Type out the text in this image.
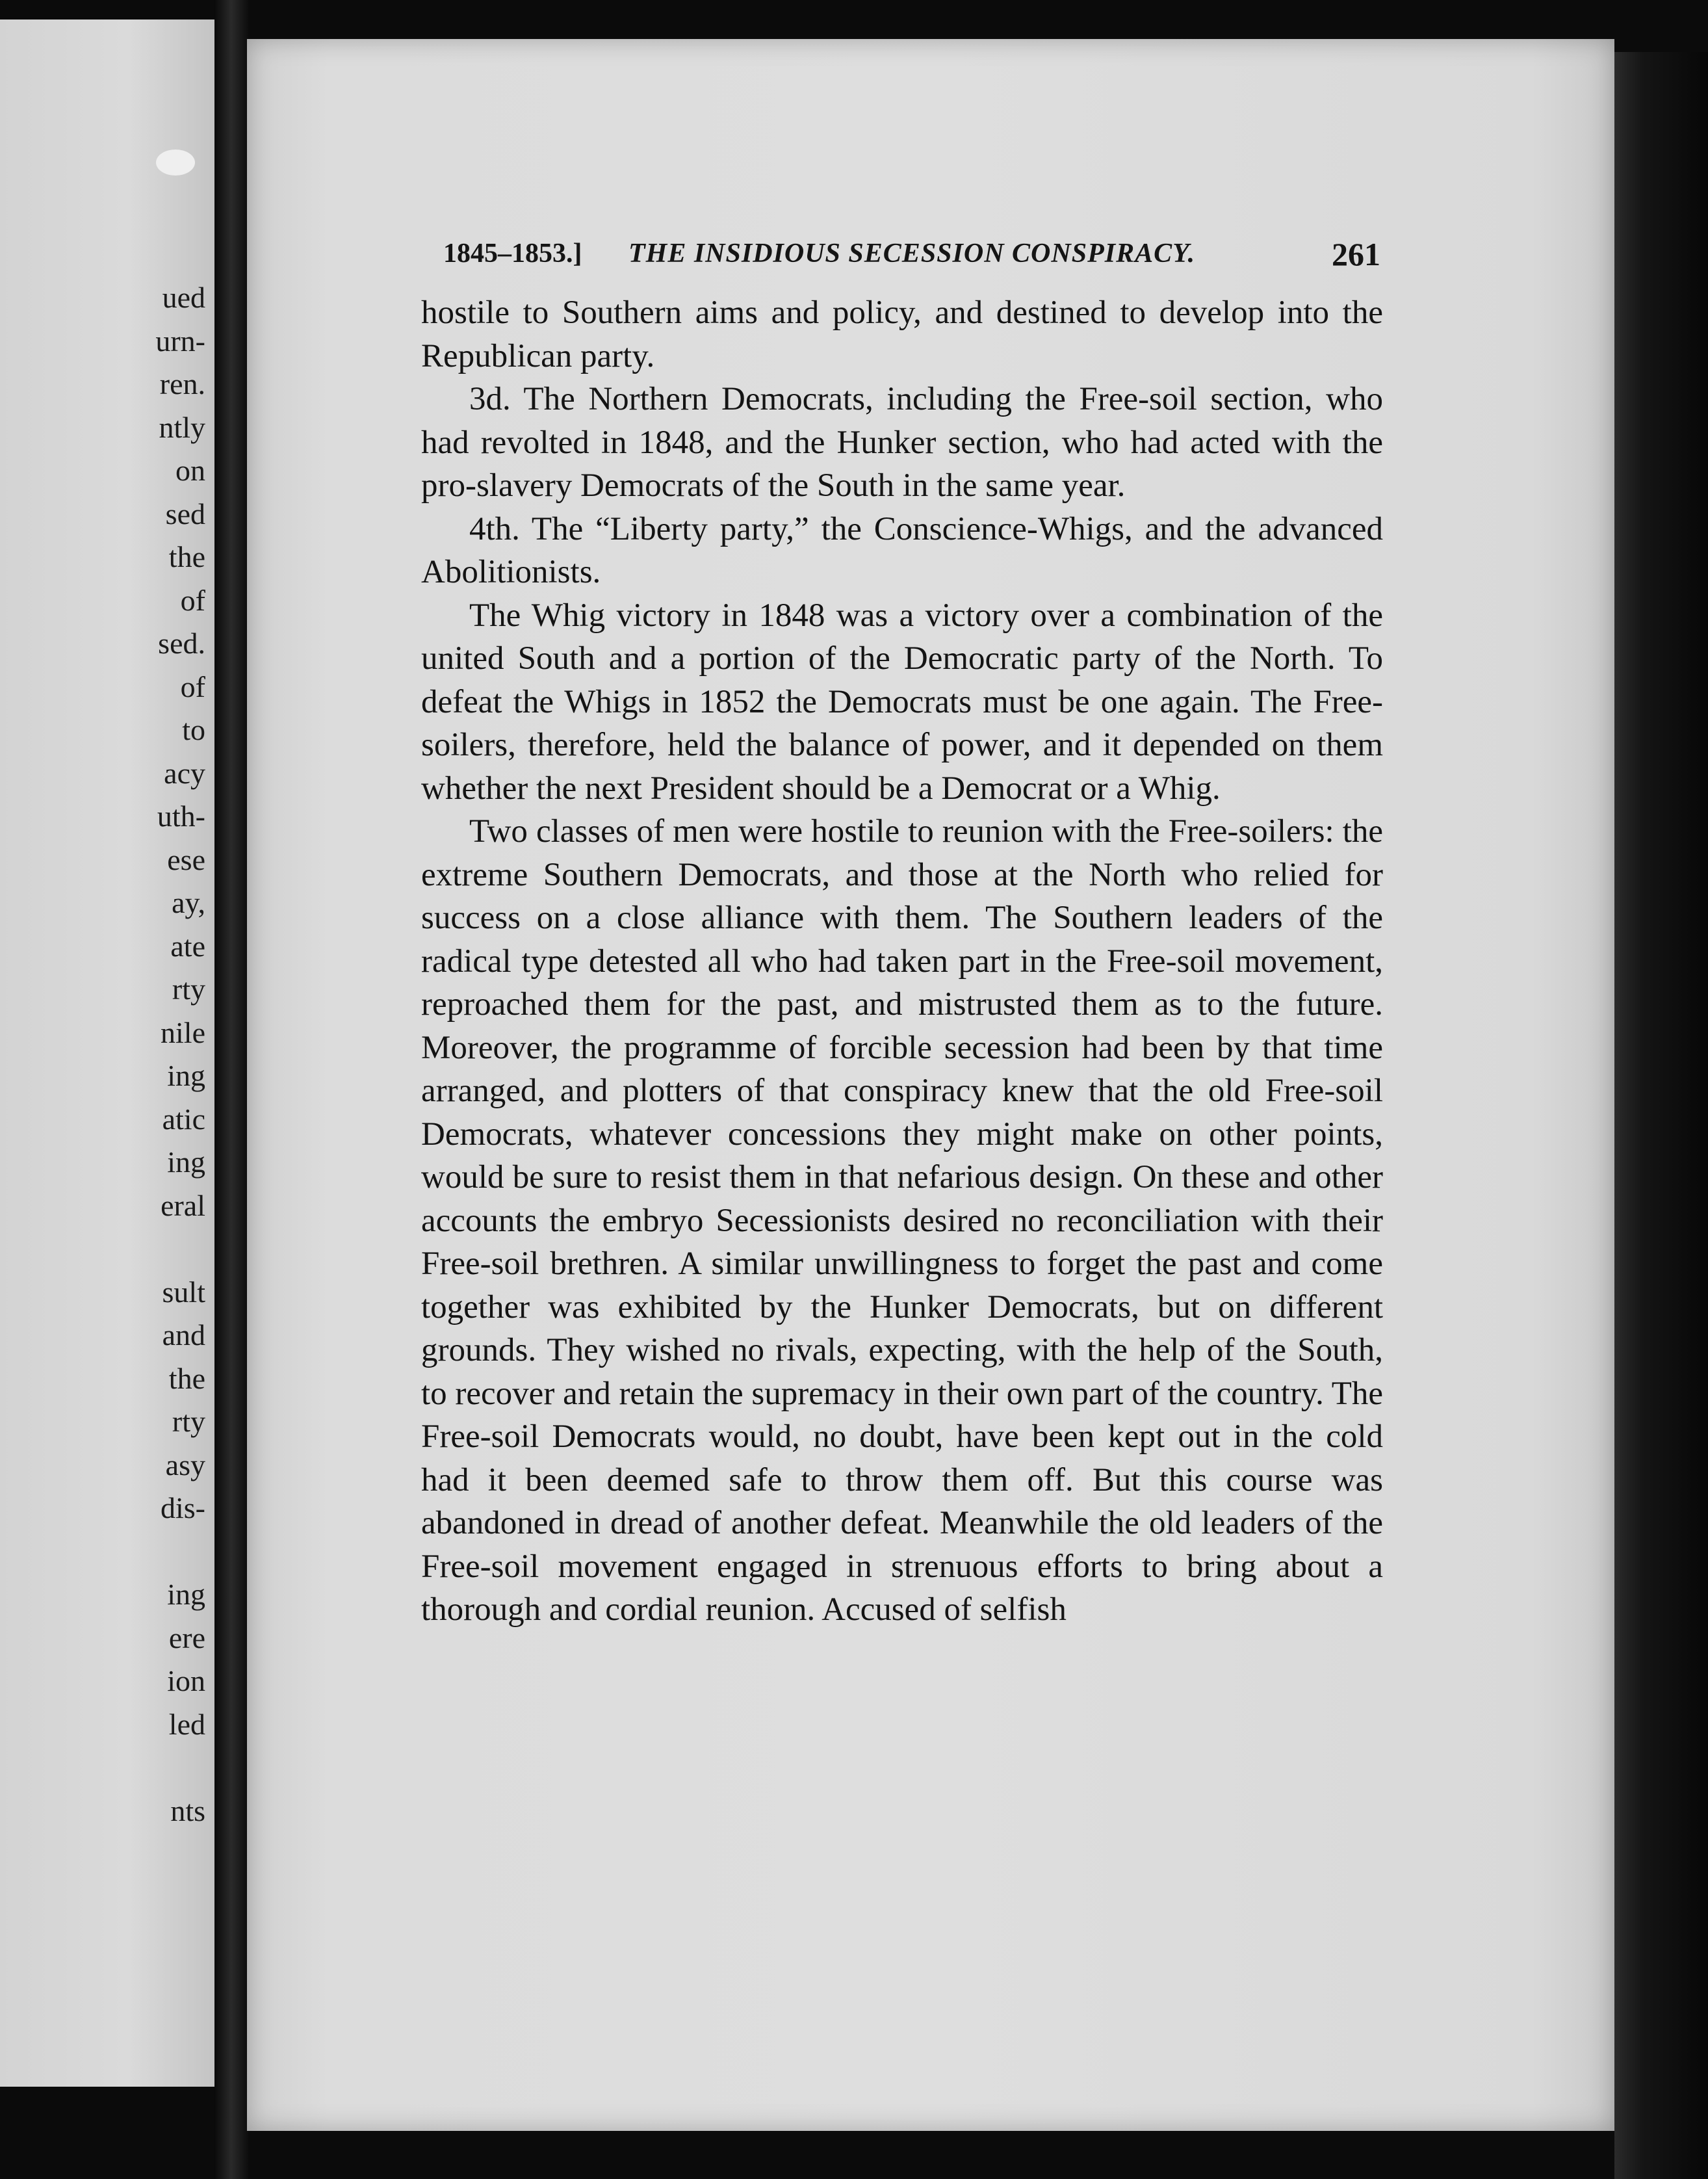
ued

urn-

ren.

ntly

on

sed

the

of

sed.

of

to

acy

uth-

ese

ay,

ate

rty

nile

ing

atic

ing

eral

sult

and

the

rty

asy

dis-

ing

ere

ion

led

nts

1845–1853.] THE INSIDIOUS SECESSION CONSPIRACY.	261

hostile to Southern aims and policy, and destined to develop into the Republican party.

3d. The Northern Democrats, including the Free-soil section, who had revolted in 1848, and the Hunker section, who had acted with the pro-slavery Democrats of the South in the same year.

4th. The “Liberty party,” the Conscience-Whigs, and the advanced Abolitionists.

The Whig victory in 1848 was a victory over a combination of the united South and a portion of the Democratic party of the North. To defeat the Whigs in 1852 the Democrats must be one again. The Free-soilers, therefore, held the balance of power, and it depended on them whether the next President should be a Democrat or a Whig.

Two classes of men were hostile to reunion with the Free-soilers: the extreme Southern Democrats, and those at the North who relied for success on a close alliance with them. The Southern leaders of the radical type detested all who had taken part in the Free-soil movement, reproached them for the past, and mistrusted them as to the future. Moreover, the programme of forcible secession had been by that time arranged, and plotters of that conspiracy knew that the old Free-soil Democrats, whatever concessions they might make on other points, would be sure to resist them in that nefarious design. On these and other accounts the embryo Secessionists desired no reconciliation with their Free-soil brethren. A similar unwillingness to forget the past and come together was exhibited by the Hunker Democrats, but on different grounds. They wished no rivals, expecting, with the help of the South, to recover and retain the supremacy in their own part of the country. The Free-soil Democrats would, no doubt, have been kept out in the cold had it been deemed safe to throw them off. But this course was abandoned in dread of another defeat. Meanwhile the old leaders of the Free-soil movement engaged in strenuous efforts to bring about a thorough and cordial reunion. Accused of selfish
